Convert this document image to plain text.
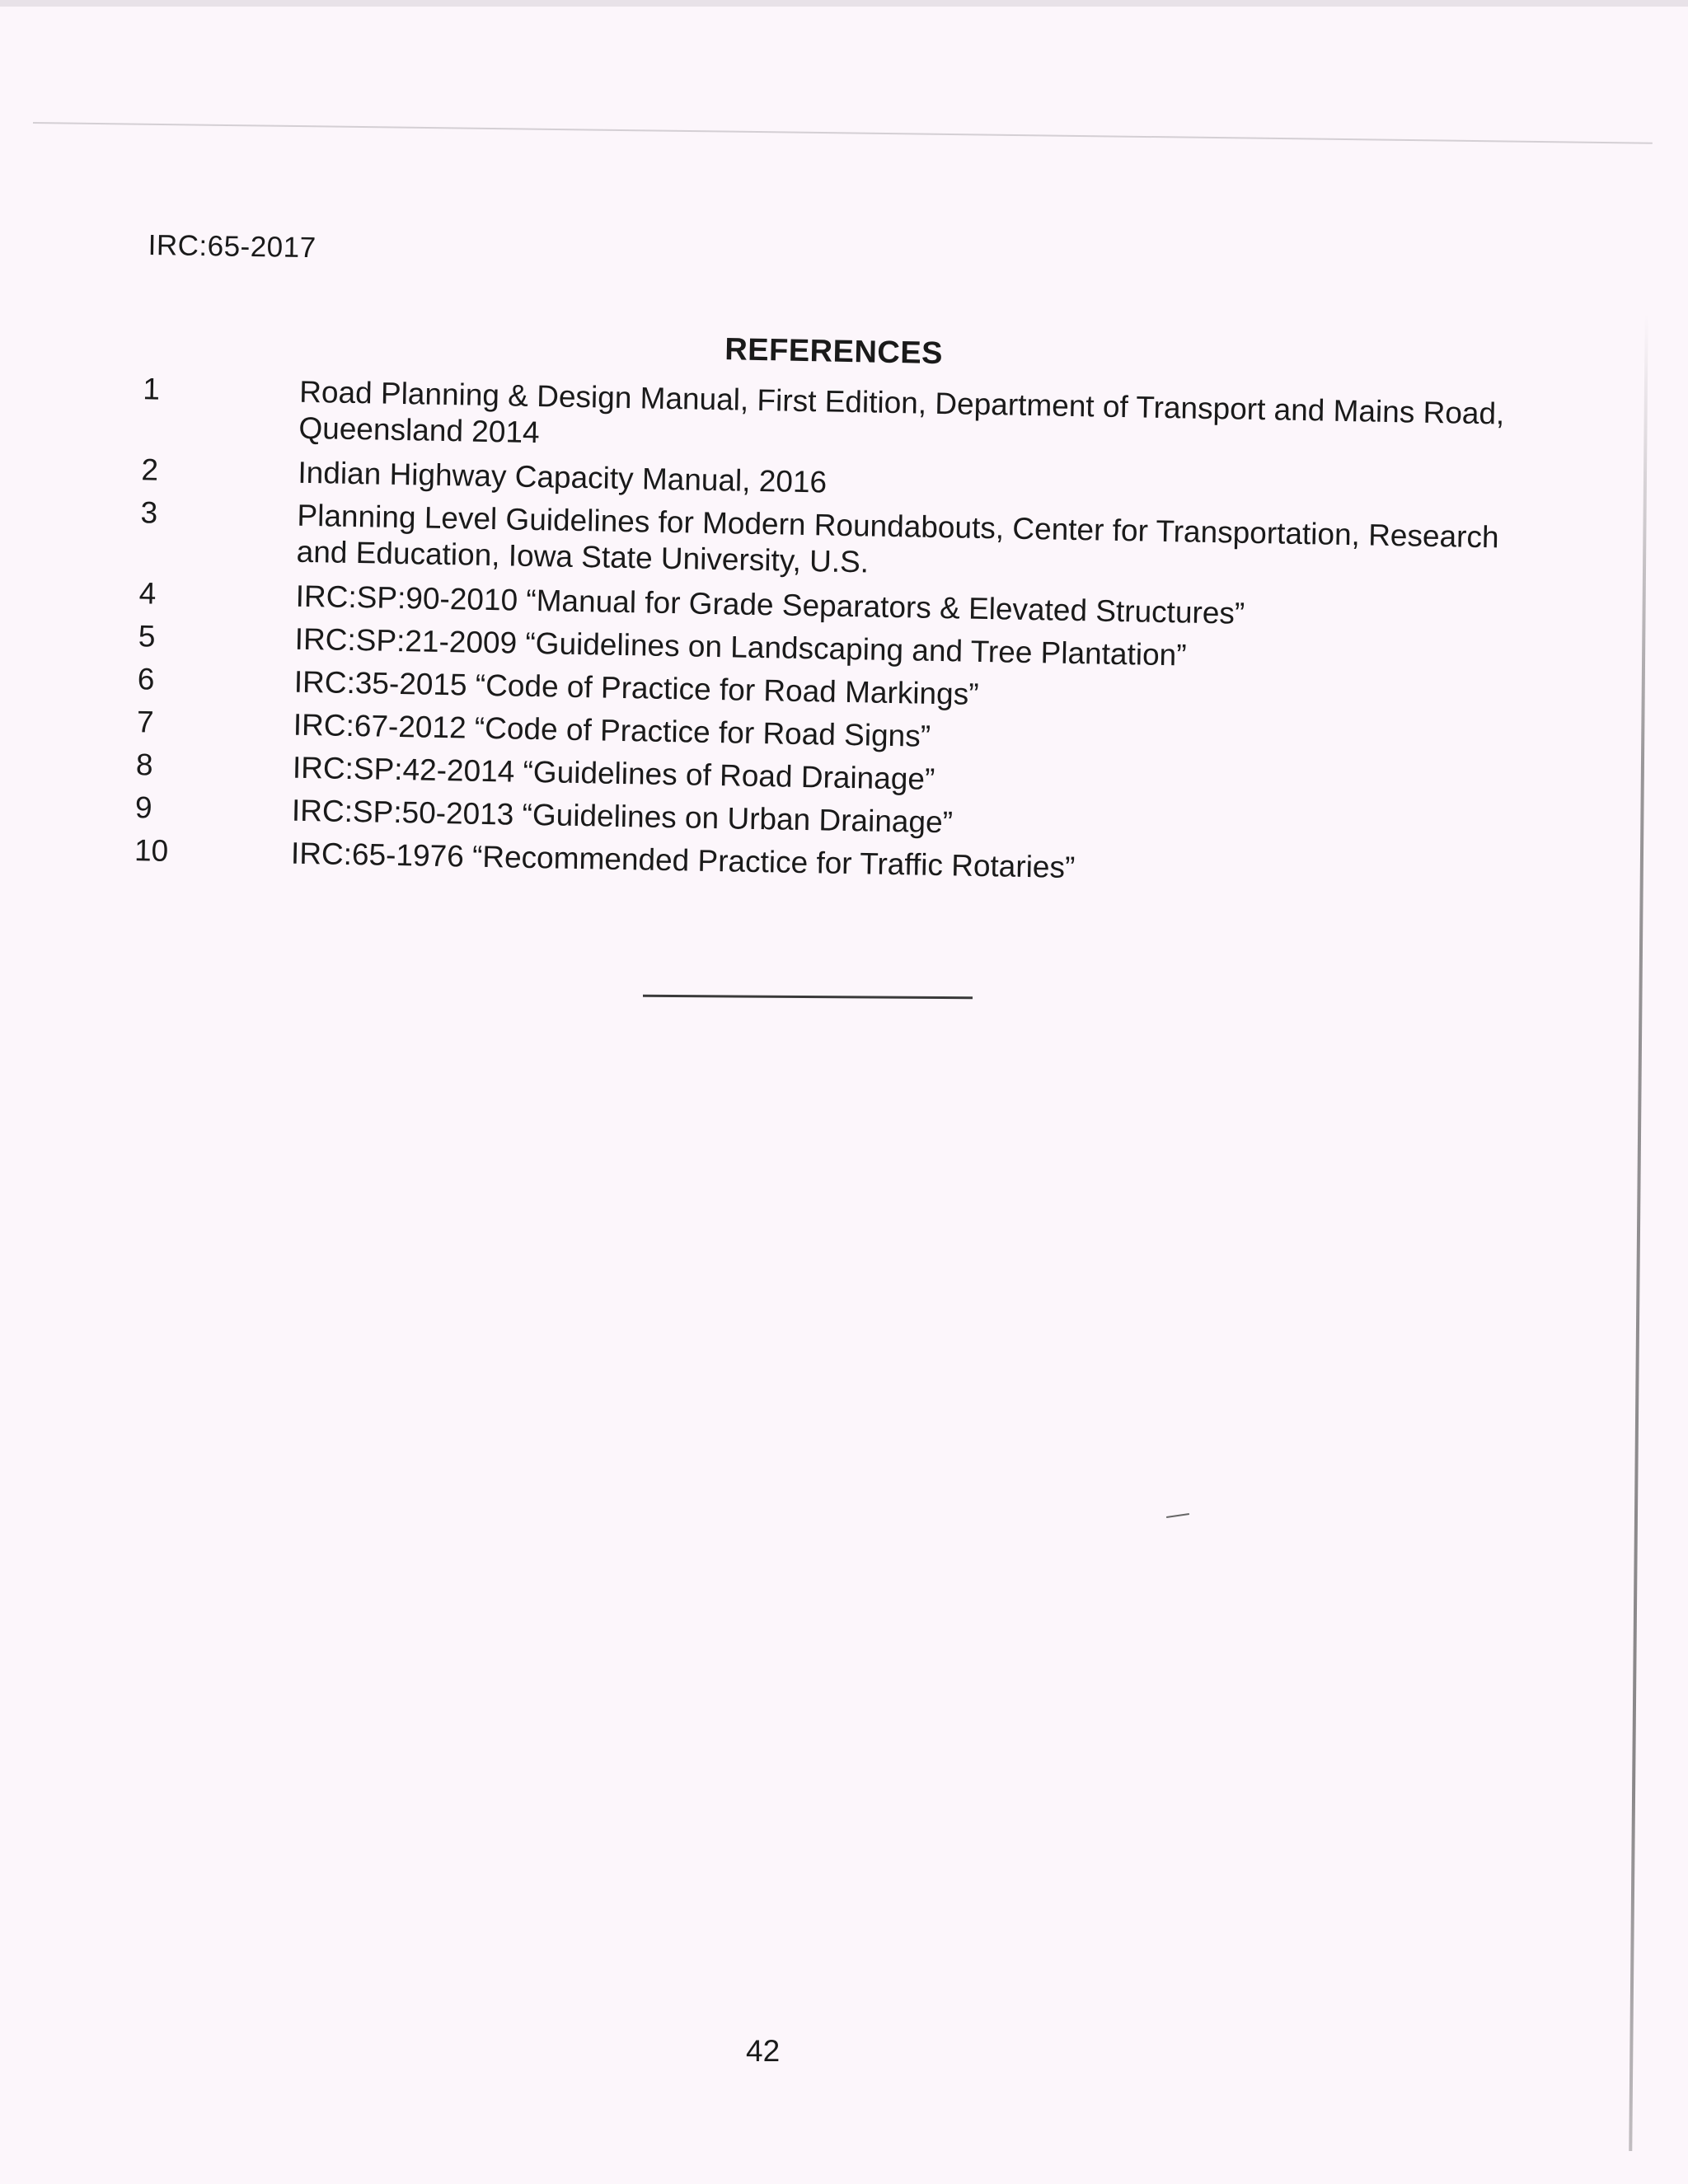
IRC:65-2017
REFERENCES
1	Road Planning & Design Manual, First Edition, Department of Transport and Mains Road, Queensland 2014
2	Indian Highway Capacity Manual, 2016
3	Planning Level Guidelines for Modern Roundabouts, Center for Transportation, Research and Education, Iowa State University, U.S.
4	IRC:SP:90-2010 “Manual for Grade Separators & Elevated Structures”
5	IRC:SP:21-2009 “Guidelines on Landscaping and Tree Plantation”
6	IRC:35-2015 “Code of Practice for Road Markings”
7	IRC:67-2012 “Code of Practice for Road Signs”
8	IRC:SP:42-2014 “Guidelines of Road Drainage”
9	IRC:SP:50-2013 “Guidelines on Urban Drainage”
10	IRC:65-1976 “Recommended Practice for Traffic Rotaries”
42
